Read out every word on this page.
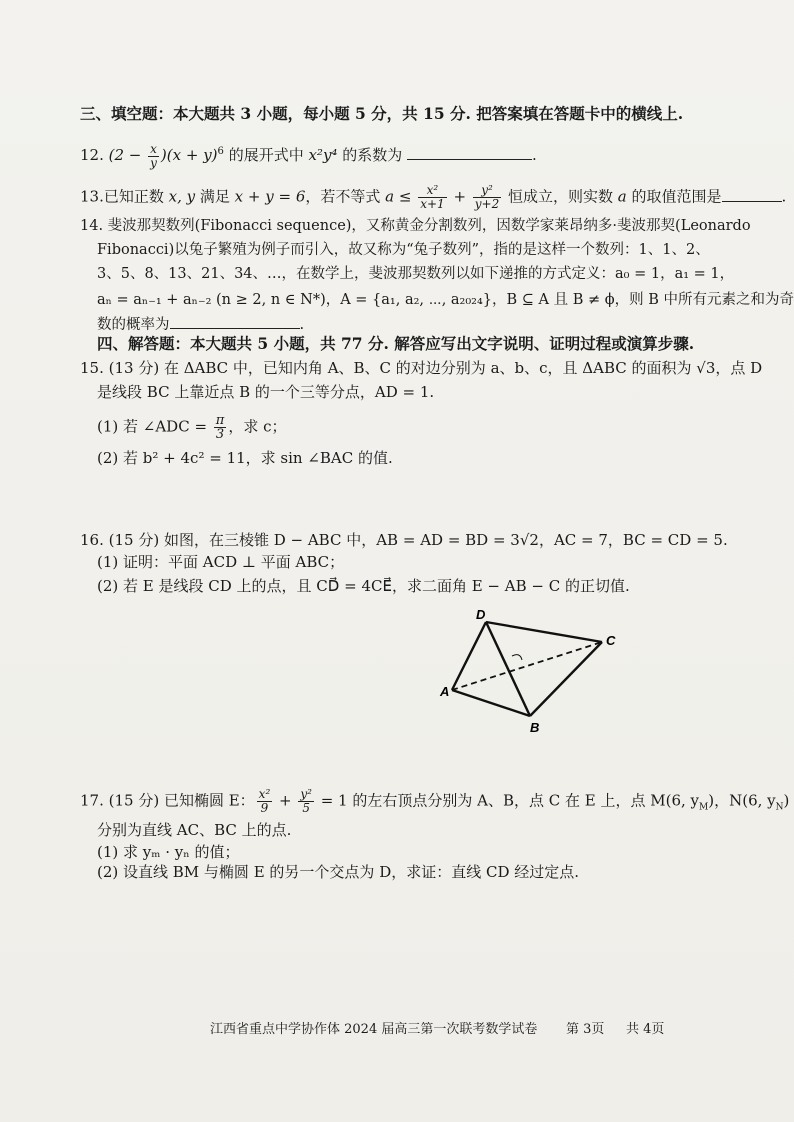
三、填空题：本大题共 3 小题，每小题 5 分，共 15 分. 把答案填在答题卡中的横线上.
12. $(2 - \frac{x}{y} )(x + y)^6$ 的展开式中 x²y⁴ 的系数为	.
13.已知正数 x, y 满足 x + y = 6，若不等式 $a \le \frac{\text{x²}}{x+1} + \frac{\text{y²}}{y+2}$ 恒成立，则实数 a 的取值范围是	.
14. 斐波那契数列(Fibonacci sequence)，又称黄金分割数列，因数学家莱昂纳多·斐波那契(Leonardo
Fibonacci)以兔子繁殖为例子而引入，故又称为“兔子数列”，指的是这样一个数列：1、1、2、
3、5、8、13、21、34、…，在数学上，斐波那契数列以如下递推的方式定义：a₀ = 1，a₁ = 1，
aₙ = aₙ₋₁ + aₙ₋₂ (n ≥ 2, n ∈ N*)，A = {a₁, a₂, ⋯, a₂₀₂₄}，B ⊆ A 且 B ≠ ϕ，则 B 中所有元素之和为奇
数的概率为	.
四、解答题：本大题共 5 小题，共 77 分. 解答应写出文字说明、证明过程或演算步骤.
15. (13 分) 在 ΔABC 中，已知内角 A、B、C 的对边分别为 a、b、c，且 ΔABC 的面积为 √3，点 D
是线段 BC 上靠近点 B 的一个三等分点，AD = 1.
(1) 若 ∠ADC = $\frac{\pi}{3}$ ，求 c；
(2) 若 b² + 4c² = 11，求 sin ∠BAC 的值.
16. (15 分) 如图，在三棱锥 D − ABC 中，AB = AD = BD = 3√2，AC = 7，BC = CD = 5.
(1) 证明：平面 ACD ⊥ 平面 ABC；
(2) 若 E 是线段 CD 上的点，且 CD⃗ = 4CE⃗，求二面角 E − AB − C 的正切值.
D
C
A
B
17. (15 分) 已知椭圆 E： $\frac{\text{x²}}{9} + \frac{\text{y²}}{5} = 1$ 的左右顶点分别为 A、B，点 C 在 E 上，点 M(6, $y_M$)，N(6, $y_N$)
分别为直线 AC、BC 上的点.
(1) 求 yₘ · yₙ 的值；
(2) 设直线 BM 与椭圆 E 的另一个交点为 D，求证：直线 CD 经过定点.
江西省重点中学协作体 2024 届高三第一次联考数学试卷 第 3页 共 4页
